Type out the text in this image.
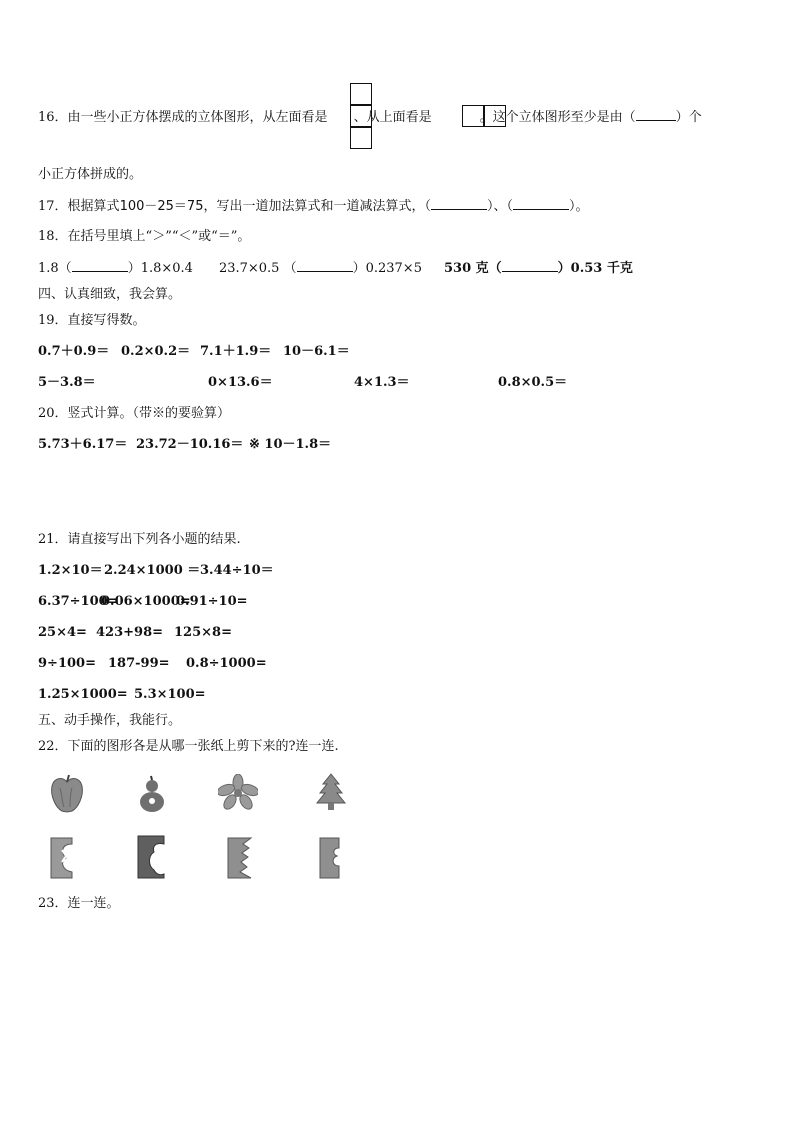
16．由一些小正方体摆成的立体图形，从左面看是 、从上面看是	。这个立体图形至少是由（	）个
小正方体拼成的。
17．根据算式100－25＝75，写出一道加法算式和一道减法算式，（	）、（	）。
18．在括号里填上“＞”“＜”或“＝”。
1.8（	）1.8×0.4 23.7×0.5 （	）0.237×5 530 克（	）0.53 千克
四、认真细致，我会算。
19．直接写得数。
0.7＋0.9＝ 0.2×0.2＝ 7.1＋1.9＝ 10－6.1＝
5－3.8＝	0×13.6＝	4×1.3＝	0.8×0.5＝
20．竖式计算。（带※的要验算）
5.73＋6.17＝ 23.72－10.16＝ ※ 10－1.8＝
21．请直接写出下列各小题的结果.
1.2×10＝ 2.24×1000 ＝ 3.44÷10＝
6.37÷100=
0.06×1000=
0.91÷10=
25×4= 423+98= 125×8=
9÷100= 187-99= 0.8÷1000=
1.25×1000= 5.3×100=
五、动手操作，我能行。
22．下面的图形各是从哪一张纸上剪下来的?连一连.
23．连一连。
